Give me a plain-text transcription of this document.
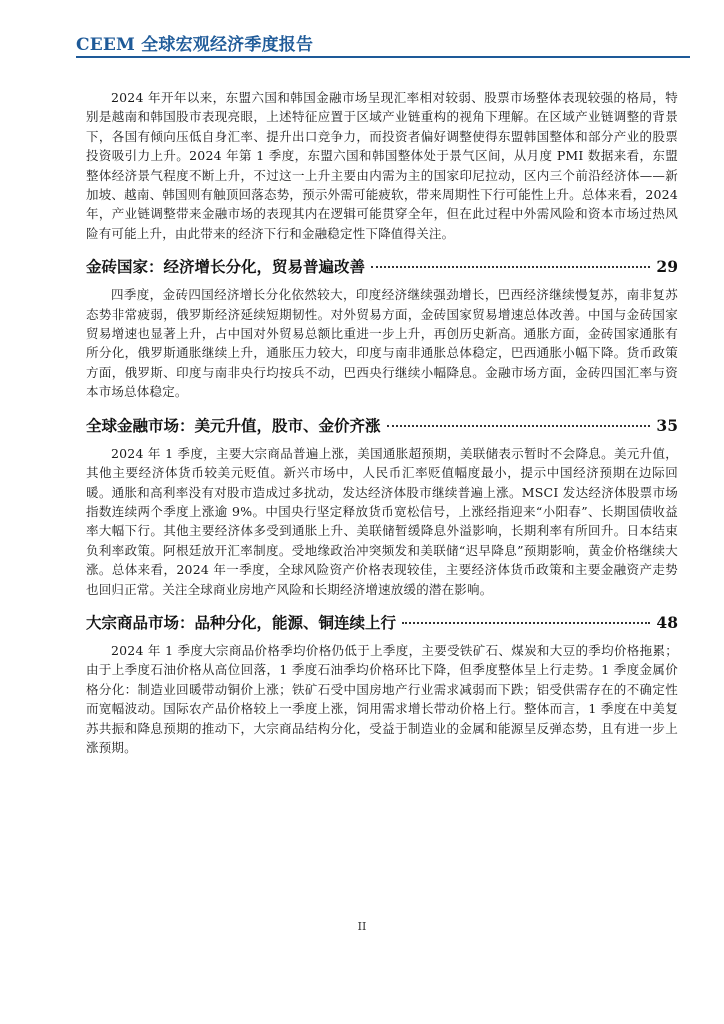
CEEM 全球宏观经济季度报告

2024 年开年以来，东盟六国和韩国金融市场呈现汇率相对较弱、股票市场整体表现较强的格局，特别是越南和韩国股市表现亮眼，上述特征应置于区域产业链重构的视角下理解。在区域产业链调整的背景下，各国有倾向压低自身汇率、提升出口竞争力，而投资者偏好调整使得东盟韩国整体和部分产业的股票投资吸引力上升。2024 年第 1 季度，东盟六国和韩国整体处于景气区间，从月度 PMI 数据来看，东盟整体经济景气程度不断上升，不过这一上升主要由内需为主的国家印尼拉动，区内三个前沿经济体——新加坡、越南、韩国则有触顶回落态势，预示外需可能疲软，带来周期性下行可能性上升。总体来看，2024 年，产业链调整带来金融市场的表现其内在逻辑可能贯穿全年，但在此过程中外需风险和资本市场过热风险有可能上升，由此带来的经济下行和金融稳定性下降值得关注。

金砖国家：经济增长分化，贸易普遍改善	29

四季度，金砖四国经济增长分化依然较大，印度经济继续强劲增长，巴西经济继续慢复苏，南非复苏态势非常疲弱，俄罗斯经济延续短期韧性。对外贸易方面，金砖国家贸易增速总体改善。中国与金砖国家贸易增速也显著上升，占中国对外贸易总额比重进一步上升，再创历史新高。通胀方面，金砖国家通胀有所分化，俄罗斯通胀继续上升，通胀压力较大，印度与南非通胀总体稳定，巴西通胀小幅下降。货币政策方面，俄罗斯、印度与南非央行均按兵不动，巴西央行继续小幅降息。金融市场方面，金砖四国汇率与资本市场总体稳定。

全球金融市场：美元升值，股市、金价齐涨	35

2024 年 1 季度，主要大宗商品普遍上涨，美国通胀超预期，美联储表示暂时不会降息。美元升值，其他主要经济体货币较美元贬值。新兴市场中，人民币汇率贬值幅度最小，提示中国经济预期在边际回暖。通胀和高利率没有对股市造成过多扰动，发达经济体股市继续普遍上涨。MSCI 发达经济体股票市场指数连续两个季度上涨逾 9%。中国央行坚定释放货币宽松信号，上涨经指迎来“小阳春”、长期国债收益率大幅下行。其他主要经济体多受到通胀上升、美联储暂缓降息外溢影响，长期利率有所回升。日本结束负利率政策。阿根廷放开汇率制度。受地缘政治冲突频发和美联储“迟早降息”预期影响，黄金价格继续大涨。总体来看，2024 年一季度，全球风险资产价格表现较佳，主要经济体货币政策和主要金融资产走势也回归正常。关注全球商业房地产风险和长期经济增速放缓的潜在影响。

大宗商品市场：品种分化，能源、铜连续上行	48

2024 年 1 季度大宗商品价格季均价格仍低于上季度，主要受铁矿石、煤炭和大豆的季均价格拖累；由于上季度石油价格从高位回落，1 季度石油季均价格环比下降，但季度整体呈上行走势。1 季度金属价格分化：制造业回暖带动铜价上涨；铁矿石受中国房地产行业需求减弱而下跌；铝受供需存在的不确定性而宽幅波动。国际农产品价格较上一季度上涨，饲用需求增长带动价格上行。整体而言，1 季度在中美复苏共振和降息预期的推动下，大宗商品结构分化，受益于制造业的金属和能源呈反弹态势，且有进一步上涨预期。

II
